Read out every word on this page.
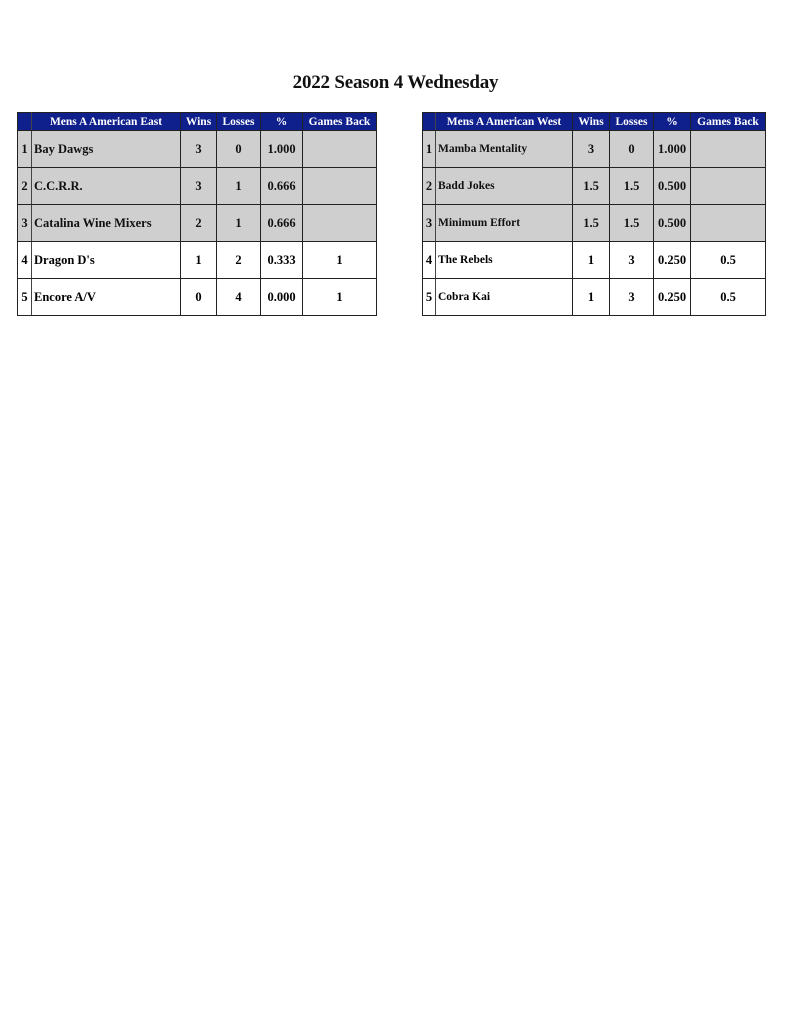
2022 Season 4 Wednesday
	Mens A American East	Wins	Losses	%	Games Back
1	Bay Dawgs	3	0	1.000	
2	C.C.R.R.	3	1	0.666	
3	Catalina Wine Mixers	2	1	0.666	
4	Dragon D's	1	2	0.333	1
5	Encore A/V	0	4	0.000	1
	Mens A American West	Wins	Losses	%	Games Back
1	Mamba Mentality	3	0	1.000	
2	Badd Jokes	1.5	1.5	0.500	
3	Minimum Effort	1.5	1.5	0.500	
4	The Rebels	1	3	0.250	0.5
5	Cobra Kai	1	3	0.250	0.5
